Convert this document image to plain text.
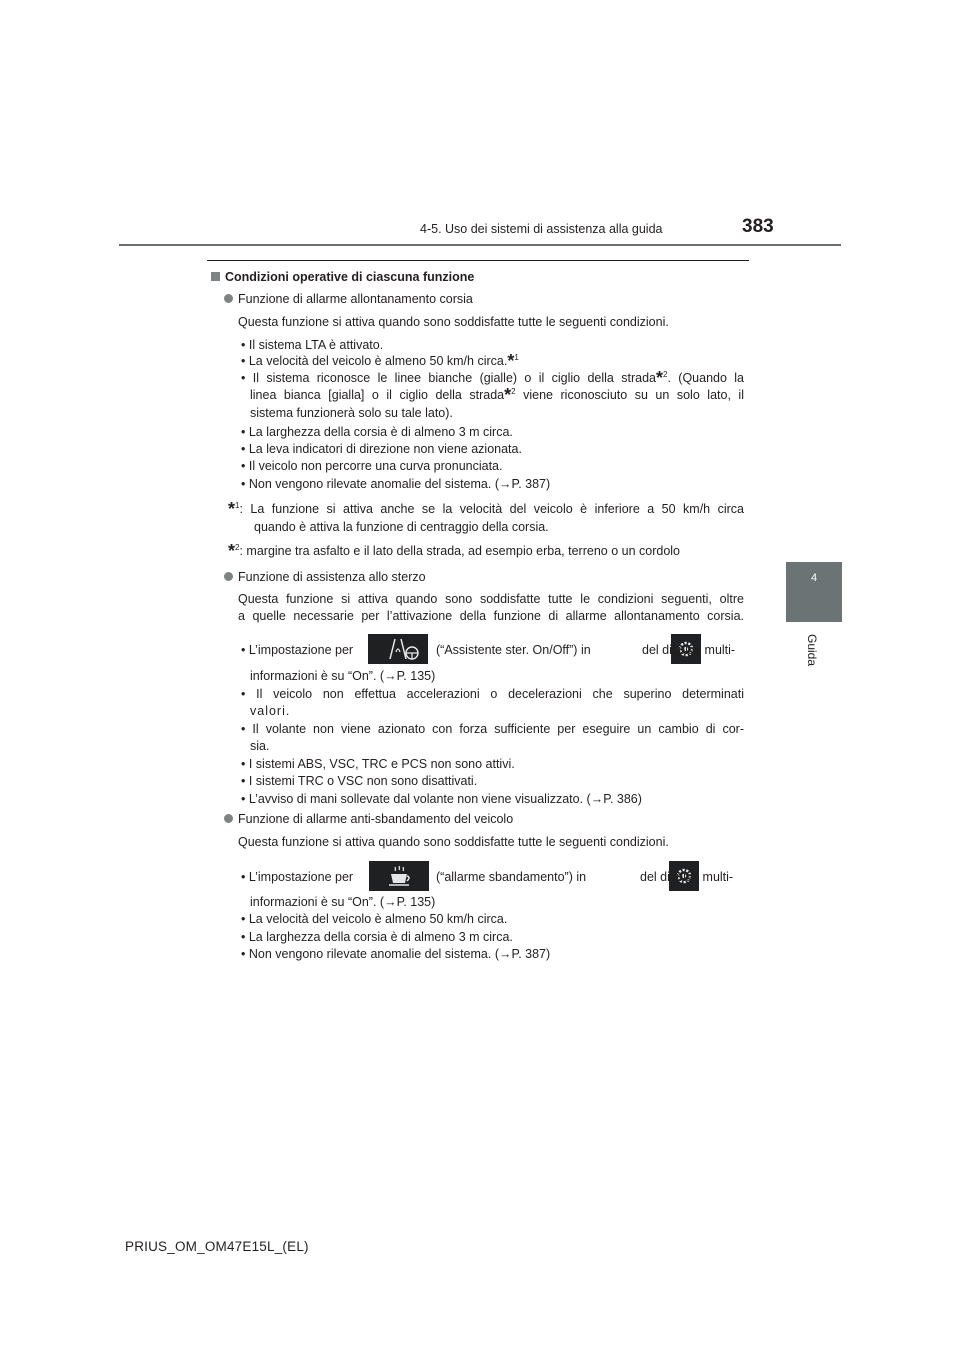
4-5. Uso dei sistemi di assistenza alla guida	383
4
Guida
Condizioni operative di ciascuna funzione
Funzione di allarme allontanamento corsia
Questa funzione si attiva quando sono soddisfatte tutte le seguenti condizioni.
• Il sistema LTA è attivato.
• La velocità del veicolo è almeno 50 km/h circa.*$^1$
• Il sistema riconosce le linee bianche (gialle) o il ciglio della strada*$^2$. (Quando la
linea bianca [gialla] o il ciglio della strada*$^2$ viene riconosciuto su un solo lato, il
sistema funzionerà solo su tale lato).
• La larghezza della corsia è di almeno 3 m circa.
• La leva indicatori di direzione non viene azionata.
• Il veicolo non percorre una curva pronunciata.
• Non vengono rilevate anomalie del sistema. (→P. 387)
*$^1$: La funzione si attiva anche se la velocità del veicolo è inferiore a 50 km/h circa
quando è attiva la funzione di centraggio della corsia.
*$^2$: margine tra asfalto e il lato della strada, ad esempio erba, terreno o un cordolo
Funzione di assistenza allo sterzo
Questa funzione si attiva quando sono soddisfatte tutte le condizioni seguenti, oltre
a quelle necessarie per l’attivazione della funzione di allarme allontanamento corsia.
• L’impostazione per
	(“Assistente ster. On/Off”) in	del display multi-
informazioni è su “On”. (→P. 135)
• Il veicolo non effettua accelerazioni o decelerazioni che superino determinati
valori.
• Il volante non viene azionato con forza sufficiente per eseguire un cambio di cor-
sia.
• I sistemi ABS, VSC, TRC e PCS non sono attivi.
• I sistemi TRC o VSC non sono disattivati.
• L’avviso di mani sollevate dal volante non viene visualizzato. (→P. 386)
Funzione di allarme anti-sbandamento del veicolo
Questa funzione si attiva quando sono soddisfatte tutte le seguenti condizioni.
• L’impostazione per
	(“allarme sbandamento”) in	del display multi-
informazioni è su “On”. (→P. 135)
• La velocità del veicolo è almeno 50 km/h circa.
• La larghezza della corsia è di almeno 3 m circa.
• Non vengono rilevate anomalie del sistema. (→P. 387)
PRIUS_OM_OM47E15L_(EL)
